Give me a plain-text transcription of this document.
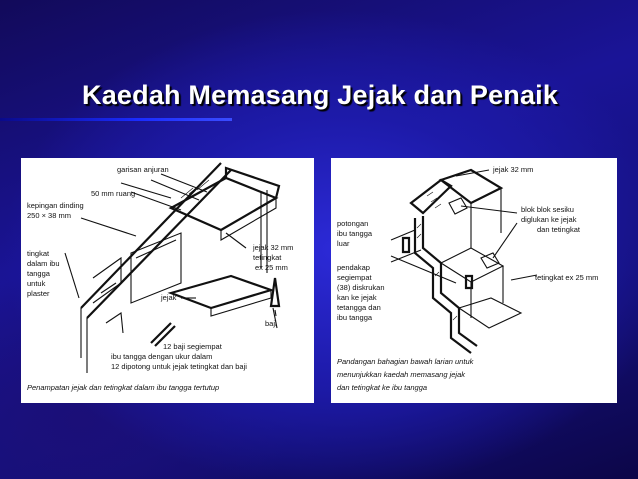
Kaedah Memasang Jejak dan Penaik
garisan anjuran
50 mm ruang
kepingan dinding
250 × 38 mm
tingkat
dalam ibu
tangga
untuk
plaster
jejak 32 mm
tetingkat
ex 25 mm
jejak
baji
12 baji segiempat
ibu tangga dengan ukur dalam
12 dipotong untuk jejak tetingkat dan baji
Penampatan jejak dan tetingkat dalam ibu tangga tertutup
jejak 32 mm
potongan
ibu tangga
luar
blok blok sesiku
diglukan ke jejak
dan tetingkat
pendakap
segiempat
(38) diskrukan
kan ke jejak
tetangga dan
ibu tangga
tetingkat ex 25 mm
Pandangan bahagian bawah larian untuk
menunjukkan kaedah memasang jejak
dan tetingkat ke ibu tangga
